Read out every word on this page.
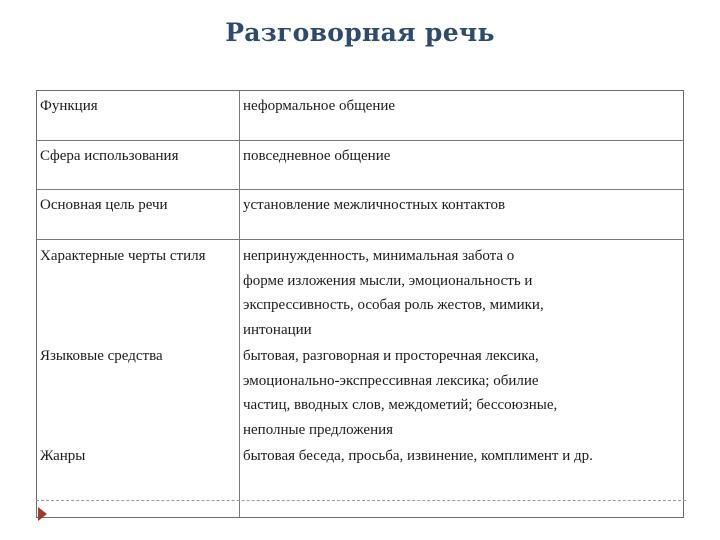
Разговорная речь
Функция	неформальное общение
Сфера использования	повседневное общение
Основная цель речи	установление межличностных контактов
Характерные черты стиля	непринужденность, минимальная забота о
форме изложения мысли, эмоциональность и
экспрессивность, особая роль жестов, мимики,
интонации
Языковые средства	бытовая, разговорная и просторечная лексика,
эмоционально-экспрессивная лексика; обилие
частиц, вводных слов, междометий; бессоюзные,
неполные предложения
Жанры	бытовая беседа, просьба, извинение, комплимент и др.
